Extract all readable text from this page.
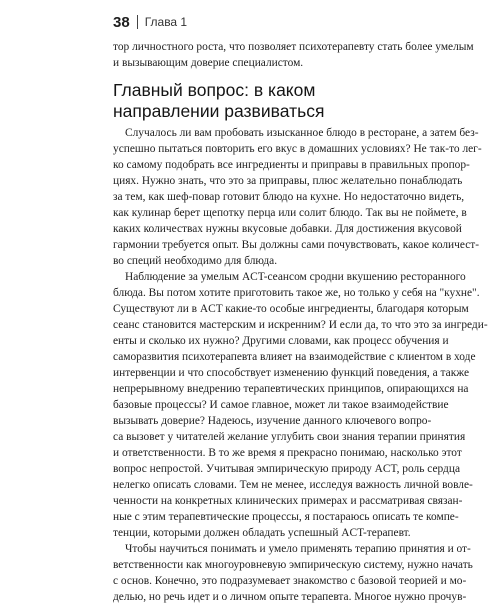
38 Глава 1
тор личностного роста, что позволяет психотерапевту стать более умелым
и вызывающим доверие специалистом.
Главный вопрос: в каком
направлении развиваться
Случалось ли вам пробовать изысканное блюдо в ресторане, а затем без-
успешно пытаться повторить его вкус в домашних условиях? Не так-то лег-
ко самому подобрать все ингредиенты и приправы в правильных пропор-
циях. Нужно знать, что это за приправы, плюс желательно понаблюдать
за тем, как шеф-повар готовит блюдо на кухне. Но недостаточно видеть,
как кулинар берет щепотку перца или солит блюдо. Так вы не поймете, в
каких количествах нужны вкусовые добавки. Для достижения вкусовой
гармонии требуется опыт. Вы должны сами почувствовать, какое количест-
во специй необходимо для блюда.
Наблюдение за умелым ACT-сеансом сродни вкушению ресторанного
блюда. Вы потом хотите приготовить такое же, но только у себя на "кухне".
Существуют ли в ACT какие-то особые ингредиенты, благодаря которым
сеанс становится мастерским и искренним? И если да, то что это за ингреди-
енты и сколько их нужно? Другими словами, как процесс обучения и
саморазвития психотерапевта влияет на взаимодействие с клиентом в ходе
интервенции и что способствует изменению функций поведения, а также
непрерывному внедрению терапевтических принципов, опирающихся на
базовые процессы? И самое главное, может ли такое взаимодействие
вызывать доверие? Надеюсь, изучение данного ключевого вопро-
са вызовет у читателей желание углубить свои знания терапии принятия
и ответственности. В то же время я прекрасно понимаю, насколько этот
вопрос непростой. Учитывая эмпирическую природу ACT, роль сердца
нелегко описать словами. Тем не менее, исследуя важность личной вовле-
ченности на конкретных клинических примерах и рассматривая связан-
ные с этим терапевтические процессы, я постараюсь описать те компе-
тенции, которыми должен обладать успешный ACT-терапевт.
Чтобы научиться понимать и умело применять терапию принятия и от-
ветственности как многоуровневую эмпирическую систему, нужно начать
с основ. Конечно, это подразумевает знакомство с базовой теорией и мо-
делью, но речь идет и о личном опыте терапевта. Многое нужно прочув-
